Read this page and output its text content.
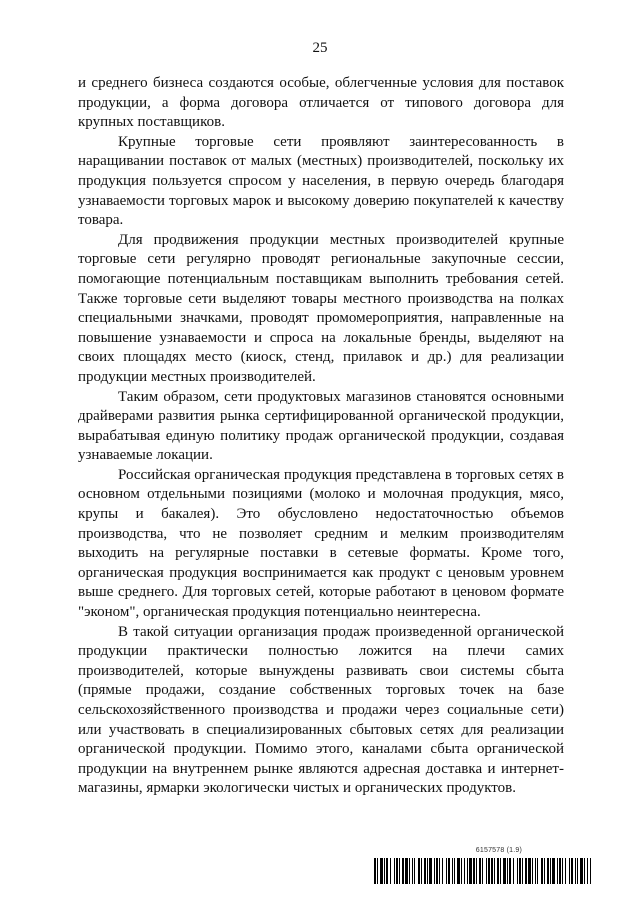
25

и среднего бизнеса создаются особые, облегченные условия для поставок продукции, а форма договора отличается от типового договора для крупных поставщиков.

Крупные торговые сети проявляют заинтересованность в наращивании поставок от малых (местных) производителей, поскольку их продукция пользуется спросом у населения, в первую очередь благодаря узнаваемости торговых марок и высокому доверию покупателей к качеству товара.

Для продвижения продукции местных производителей крупные торговые сети регулярно проводят региональные закупочные сессии, помогающие потенциальным поставщикам выполнить требования сетей. Также торговые сети выделяют товары местного производства на полках специальными значками, проводят промомероприятия, направленные на повышение узнаваемости и спроса на локальные бренды, выделяют на своих площадях место (киоск, стенд, прилавок и др.) для реализации продукции местных производителей.

Таким образом, сети продуктовых магазинов становятся основными драйверами развития рынка сертифицированной органической продукции, вырабатывая единую политику продаж органической продукции, создавая узнаваемые локации.

Российская органическая продукция представлена в торговых сетях в основном отдельными позициями (молоко и молочная продукция, мясо, крупы и бакалея). Это обусловлено недостаточностью объемов производства, что не позволяет средним и мелким производителям выходить на регулярные поставки в сетевые форматы. Кроме того, органическая продукция воспринимается как продукт с ценовым уровнем выше среднего. Для торговых сетей, которые работают в ценовом формате "эконом", органическая продукция потенциально неинтересна.

В такой ситуации организация продаж произведенной органической продукции практически полностью ложится на плечи самих производителей, которые вынуждены развивать свои системы сбыта (прямые продажи, создание собственных торговых точек на базе сельскохозяйственного производства и продажи через социальные сети) или участвовать в специализированных сбытовых сетях для реализации органической продукции. Помимо этого, каналами сбыта органической продукции на внутреннем рынке являются адресная доставка и интернет-магазины, ярмарки экологически чистых и органических продуктов.

6157578 (1.9)
